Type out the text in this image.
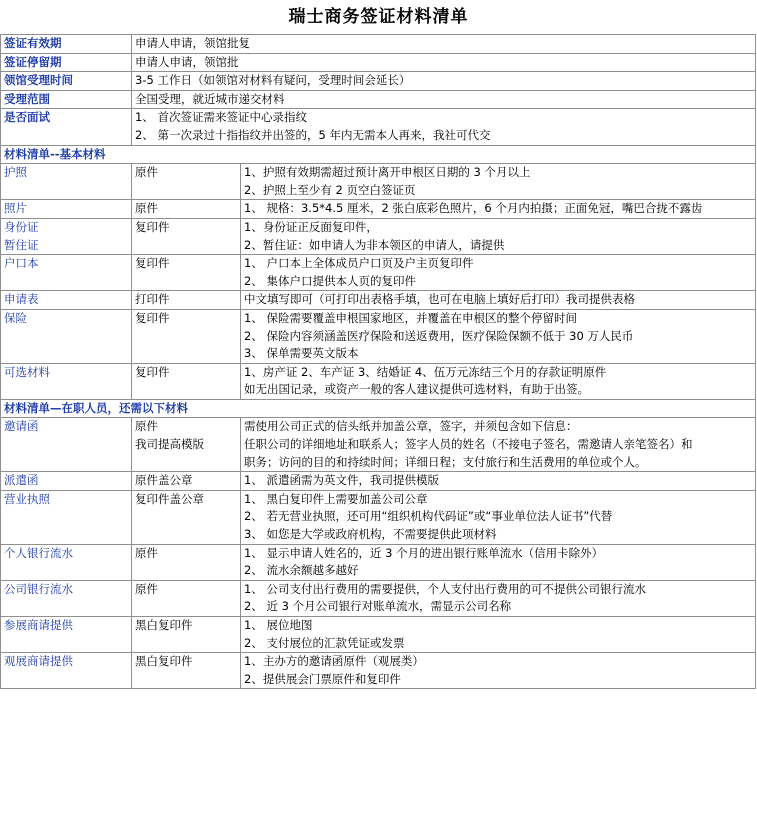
瑞士商务签证材料清单
签证有效期	申请人申请，领馆批复	

签证停留期	申请人申请，领馆批	

领馆受理时间	3-5 工作日（如领馆对材料有疑问，受理时间会延长）	

受理范围	全国受理，就近城市递交材料	

是否面试	1、 首次签证需来签证中心录指纹
2、 第一次录过十指指纹并出签的，5 年内无需本人再来，我社可代交	

材料清单--基本材料		

护照	原件	1、护照有效期需超过预计离开申根区日期的 3 个月以上
2、护照上至少有 2 页空白签证页

照片	原件	1、 规格：3.5*4.5 厘米，2 张白底彩色照片，6 个月内拍摄；正面免冠，嘴巴合拢不露齿

身份证
暂住证	复印件	1、身份证正反面复印件，
2、暂住证：如申请人为非本领区的申请人，请提供

户口本	复印件	1、 户口本上全体成员户口页及户主页复印件
2、 集体户口提供本人页的复印件

申请表	打印件	中文填写即可（可打印出表格手填，也可在电脑上填好后打印）我司提供表格

保险	复印件	1、 保险需要覆盖申根国家地区，并覆盖在申根区的整个停留时间
2、 保险内容须涵盖医疗保险和送返费用，医疗保险保额不低于 30 万人民币
3、 保单需要英文版本

可选材料	复印件	1、房产证 2、车产证 3、结婚证 4、伍万元冻结三个月的存款证明原件
如无出国记录，或资产一般的客人建议提供可选材料，有助于出签。

材料清单—在职人员，还需以下材料		

邀请函	原件
我司提高模版	需使用公司正式的信头纸并加盖公章，签字，并须包含如下信息：
任职公司的详细地址和联系人；签字人员的姓名（不接电子签名，需邀请人亲笔签名）和
职务；访问的目的和持续时间；详细日程；支付旅行和生活费用的单位或个人。

派遣函	原件盖公章	1、 派遣函需为英文件，我司提供模版

营业执照	复印件盖公章	1、 黑白复印件上需要加盖公司公章
2、 若无营业执照，还可用“组织机构代码证”或“事业单位法人证书”代替
3、 如您是大学或政府机构，不需要提供此项材料

个人银行流水	原件	1、 显示申请人姓名的，近 3 个月的进出银行账单流水（信用卡除外）
2、 流水余额越多越好

公司银行流水	原件	1、 公司支付出行费用的需要提供，个人支付出行费用的可不提供公司银行流水
2、 近 3 个月公司银行对账单流水，需显示公司名称

参展商请提供	黑白复印件	1、 展位地图
2、 支付展位的汇款凭证或发票

观展商请提供	黑白复印件	1、主办方的邀请函原件（观展类）
2、提供展会门票原件和复印件
